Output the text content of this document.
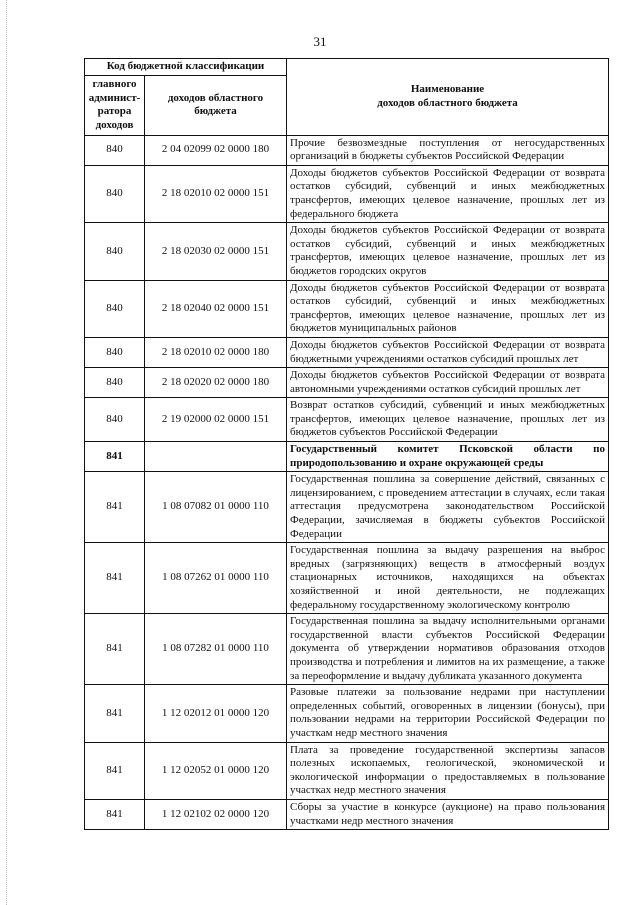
31
Код бюджетной классификации		Наименование
доходов областного бюджета
главного админист-ратора доходов	доходов областного бюджета	
840	2 04 02099 02 0000 180	Прочие безвозмездные поступления от негосударственных организаций в бюджеты субъектов Российской Федерации
840	2 18 02010 02 0000 151	Доходы бюджетов субъектов Российской Федерации от возврата остатков субсидий, субвенций и иных межбюджетных трансфертов, имеющих целевое назначение, прошлых лет из федерального бюджета
840	2 18 02030 02 0000 151	Доходы бюджетов субъектов Российской Федерации от возврата остатков субсидий, субвенций и иных межбюджетных трансфертов, имеющих целевое назначение, прошлых лет из бюджетов городских округов
840	2 18 02040 02 0000 151	Доходы бюджетов субъектов Российской Федерации от возврата остатков субсидий, субвенций и иных межбюджетных трансфертов, имеющих целевое назначение, прошлых лет из бюджетов муниципальных районов
840	2 18 02010 02 0000 180	Доходы бюджетов субъектов Российской Федерации от возврата бюджетными учреждениями остатков субсидий прошлых лет
840	2 18 02020 02 0000 180	Доходы бюджетов субъектов Российской Федерации от возврата автономными учреждениями остатков субсидий прошлых лет
840	2 19 02000 02 0000 151	Возврат остатков субсидий, субвенций и иных межбюджетных трансфертов, имеющих целевое назначение, прошлых лет из бюджетов субъектов Российской Федерации
841		Государственный комитет Псковской области по природопользованию и охране окружающей среды
841	1 08 07082 01 0000 110	Государственная пошлина за совершение действий, связанных с лицензированием, с проведением аттестации в случаях, если такая аттестация предусмотрена законодательством Российской Федерации, зачисляемая в бюджеты субъектов Российской Федерации
841	1 08 07262 01 0000 110	Государственная пошлина за выдачу разрешения на выброс вредных (загрязняющих) веществ в атмосферный воздух стационарных источников, находящихся на объектах хозяйственной и иной деятельности, не подлежащих федеральному государственному экологическому контролю
841	1 08 07282 01 0000 110	Государственная пошлина за выдачу исполнительными органами государственной власти субъектов Российской Федерации документа об утверждении нормативов образования отходов производства и потребления и лимитов на их размещение, а также за переоформление и выдачу дубликата указанного документа
841	1 12 02012 01 0000 120	Разовые платежи за пользование недрами при наступлении определенных событий, оговоренных в лицензии (бонусы), при пользовании недрами на территории Российской Федерации по участкам недр местного значения
841	1 12 02052 01 0000 120	Плата за проведение государственной экспертизы запасов полезных ископаемых, геологической, экономической и экологической информации о предоставляемых в пользование участках недр местного значения
841	1 12 02102 02 0000 120	Сборы за участие в конкурсе (аукционе) на право пользования участками недр местного значения
